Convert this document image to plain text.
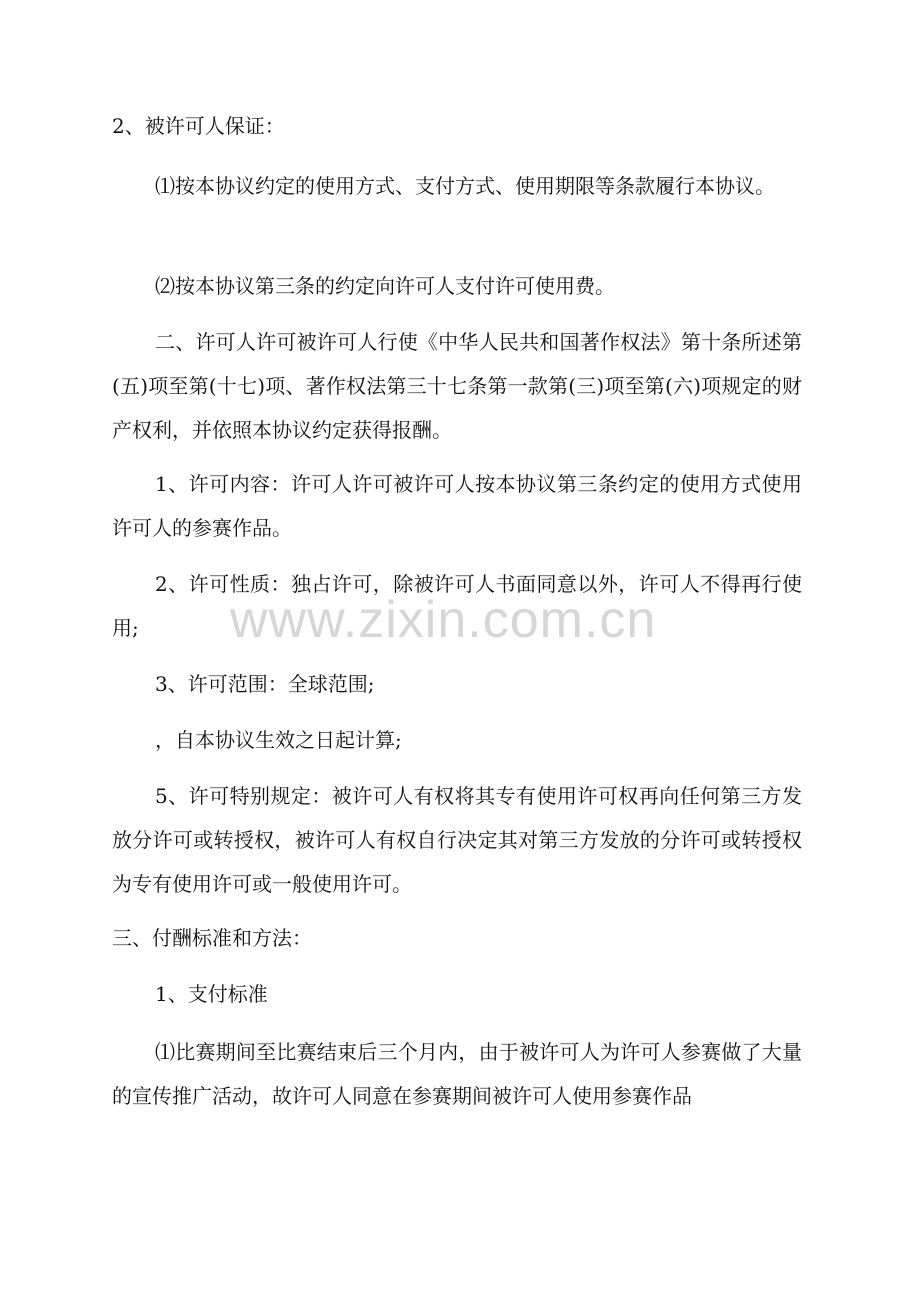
2、被许可人保证：

⑴按本协议约定的使用方式、支付方式、使用期限等条款履行本协议。

⑵按本协议第三条的约定向许可人支付许可使用费。

二、许可人许可被许可人行使《中华人民共和国著作权法》第十条所述第(五)项至第(十七)项、著作权法第三十七条第一款第(三)项至第(六)项规定的财产权利，并依照本协议约定获得报酬。

1、许可内容：许可人许可被许可人按本协议第三条约定的使用方式使用许可人的参赛作品。

2、许可性质：独占许可，除被许可人书面同意以外，许可人不得再行使用;

3、许可范围：全球范围;

，自本协议生效之日起计算;

5、许可特别规定：被许可人有权将其专有使用许可权再向任何第三方发放分许可或转授权，被许可人有权自行决定其对第三方发放的分许可或转授权为专有使用许可或一般使用许可。

三、付酬标准和方法：

1、支付标准

⑴比赛期间至比赛结束后三个月内，由于被许可人为许可人参赛做了大量的宣传推广活动，故许可人同意在参赛期间被许可人使用参赛作品

www.zixin.com.cn
